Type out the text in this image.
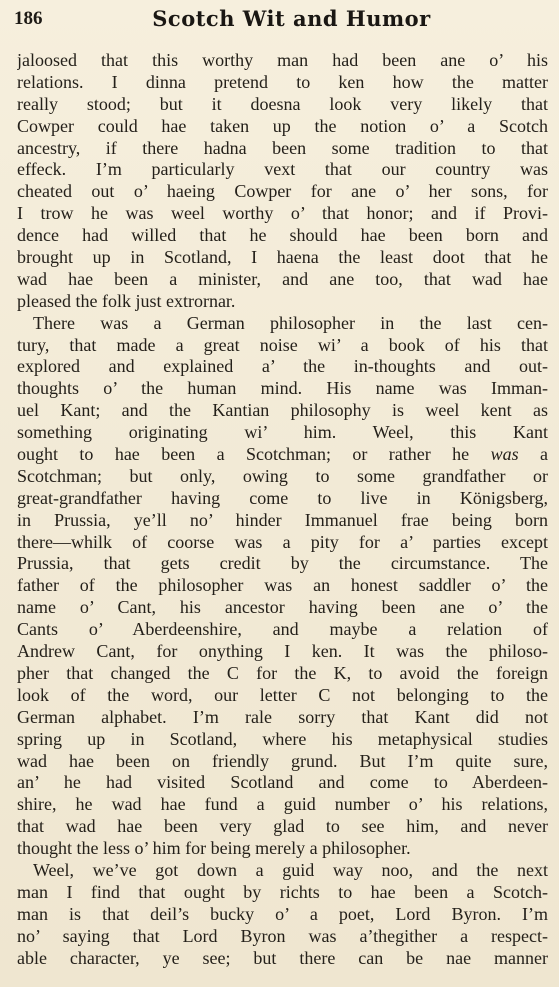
186	Scotch Wit and Humor
jaloosed that this worthy man had been ane o’ his
relations. I dinna pretend to ken how the matter
really stood; but it doesna look very likely that
Cowper could hae taken up the notion o’ a Scotch
ancestry, if there hadna been some tradition to that
effeck. I’m particularly vext that our country was
cheated out o’ haeing Cowper for ane o’ her sons, for
I trow he was weel worthy o’ that honor; and if Provi-
dence had willed that he should hae been born and
brought up in Scotland, I haena the least doot that he
wad hae been a minister, and ane too, that wad hae
pleased the folk just extrornar.
There was a German philosopher in the last cen-
tury, that made a great noise wi’ a book of his that
explored and explained a’ the in-thoughts and out-
thoughts o’ the human mind. His name was Imman-
uel Kant; and the Kantian philosophy is weel kent as
something originating wi’ him. Weel, this Kant
ought to hae been a Scotchman; or rather he was a
Scotchman; but only, owing to some grandfather or
great-grandfather having come to live in Königsberg,
in Prussia, ye’ll no’ hinder Immanuel frae being born
there—whilk of coorse was a pity for a’ parties except
Prussia, that gets credit by the circumstance. The
father of the philosopher was an honest saddler o’ the
name o’ Cant, his ancestor having been ane o’ the
Cants o’ Aberdeenshire, and maybe a relation of
Andrew Cant, for onything I ken. It was the philoso-
pher that changed the C for the K, to avoid the foreign
look of the word, our letter C not belonging to the
German alphabet. I’m rale sorry that Kant did not
spring up in Scotland, where his metaphysical studies
wad hae been on friendly grund. But I’m quite sure,
an’ he had visited Scotland and come to Aberdeen-
shire, he wad hae fund a guid number o’ his relations,
that wad hae been very glad to see him, and never
thought the less o’ him for being merely a philosopher.
Weel, we’ve got down a guid way noo, and the next
man I find that ought by richts to hae been a Scotch-
man is that deil’s bucky o’ a poet, Lord Byron. I’m
no’ saying that Lord Byron was a’thegither a respect-
able character, ye see; but there can be nae manner
